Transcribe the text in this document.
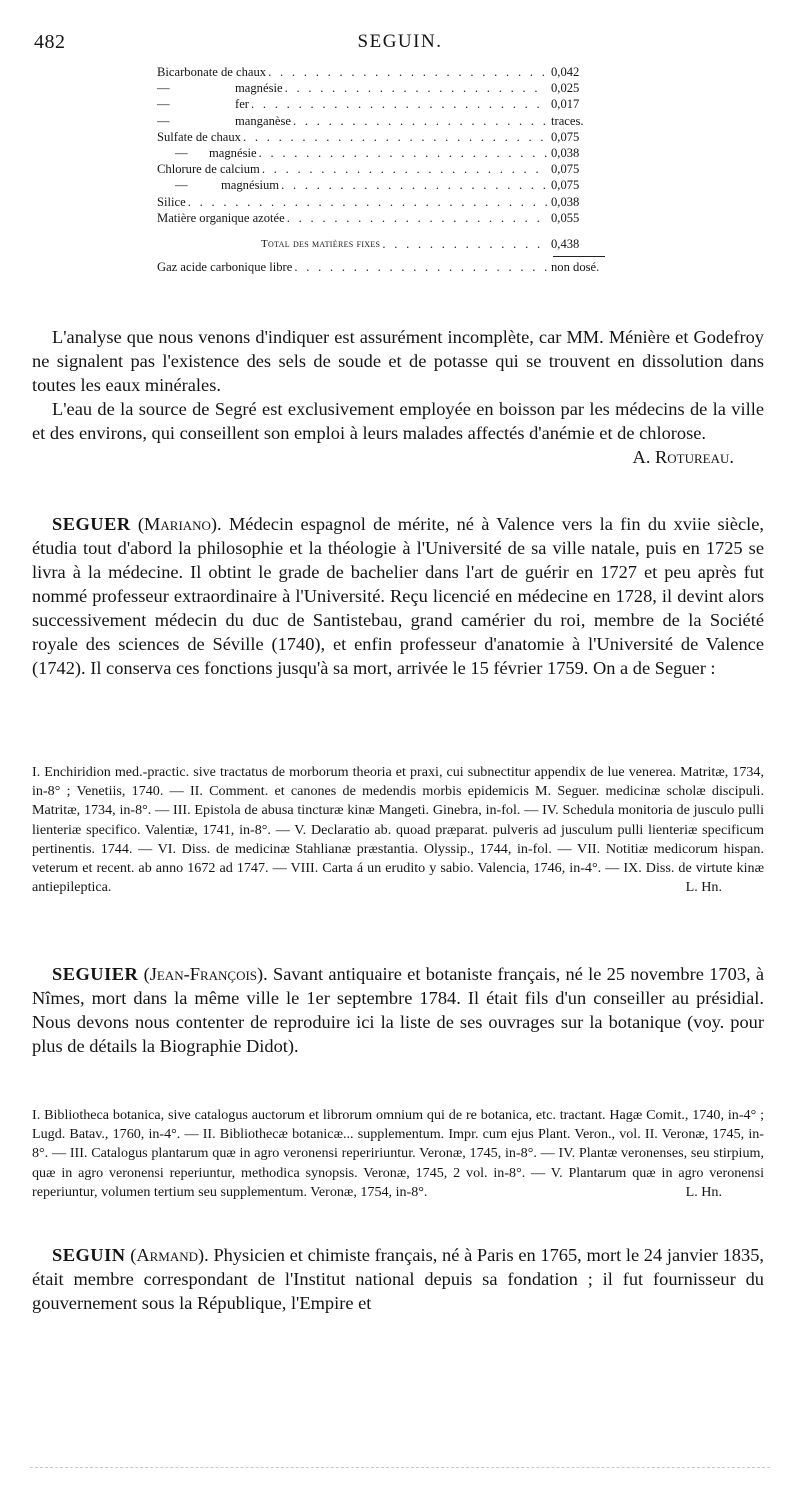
482	SEGUIN.
Bicarbonate de chaux . . .	0,042
—	magnésie . . .	0,025
—	fer . . .	0,017
—	manganèse . . .	traces.
Sulfate de chaux . . .	0,075
— magnésie . . .	0,038
Chlorure de calcium . . .	0,075
—	magnésium . . .	0,075
Silice . . .	0,038
Matière organique azotée . . .	0,055
Total des matières fixes . . .	0,438
Gaz acide carbonique libre . . .	non dosé.

L'analyse que nous venons d'indiquer est assurément incomplète, car MM. Ménière et Godefroy ne signalent pas l'existence des sels de soude et de potasse qui se trouvent en dissolution dans toutes les eaux minérales.

L'eau de la source de Segré est exclusivement employée en boisson par les médecins de la ville et des environs, qui conseillent son emploi à leurs malades affectés d'anémie et de chlorose.
A. Rotureau.

SEGUER (Mariano). Médecin espagnol de mérite, né à Valence vers la fin du xviie siècle, étudia tout d'abord la philosophie et la théologie à l'Université de sa ville natale, puis en 1725 se livra à la médecine. Il obtint le grade de bachelier dans l'art de guérir en 1727 et peu après fut nommé professeur extraordinaire à l'Université. Reçu licencié en médecine en 1728, il devint alors successivement médecin du duc de Santistebau, grand camérier du roi, membre de la Société royale des sciences de Séville (1740), et enfin professeur d'anatomie à l'Université de Valence (1742). Il conserva ces fonctions jusqu'à sa mort, arrivée le 15 février 1759. On a de Seguer :

I. Enchiridion med.-practic. sive tractatus de morborum theoria et praxi, cui subnectitur appendix de lue venerea. Matritæ, 1734, in-8° ; Venetiis, 1740. — II. Comment. et canones de medendis morbis epidemicis M. Seguer. medicinæ scholæ discipuli. Matritæ, 1734, in-8°. — III. Epistola de abusa tincturæ kinæ Mangeti. Ginebra, in-fol. — IV. Schedula monitoria de jusculo pulli lienteriæ specifico. Valentiæ, 1741, in-8°. — V. Declaratio ab. quoad præparat. pulveris ad jusculum pulli lienteriæ specificum pertinentis. 1744. — VI. Diss. de medicinæ Stahlianæ præstantia. Olyssip., 1744, in-fol. — VII. Notitiæ medicorum hispan. veterum et recent. ab anno 1672 ad 1747. — VIII. Carta á un erudito y sabio. Valencia, 1746, in-4°. — IX. Diss. de virtute kinæ antiepileptica.	L. Hn.

SEGUIER (Jean-François). Savant antiquaire et botaniste français, né le 25 novembre 1703, à Nîmes, mort dans la même ville le 1er septembre 1784. Il était fils d'un conseiller au présidial. Nous devons nous contenter de reproduire ici la liste de ses ouvrages sur la botanique (voy. pour plus de détails la Biographie Didot).

I. Bibliotheca botanica, sive catalogus auctorum et librorum omnium qui de re botanica, etc. tractant. Hagæ Comit., 1740, in-4° ; Lugd. Batav., 1760, in-4°. — II. Bibliothecæ botanicæ... supplementum. Impr. cum ejus Plant. Veron., vol. II. Veronæ, 1745, in-8°. — III. Catalogus plantarum quæ in agro veronensi repeririuntur. Veronæ, 1745, in-8°. — IV. Plantæ veronenses, seu stirpium, quæ in agro veronensi reperiuntur, methodica synopsis. Veronæ, 1745, 2 vol. in-8°. — V. Plantarum quæ in agro veronensi reperiuntur, volumen tertium seu supplementum. Veronæ, 1754, in-8°.	L. Hn.

SEGUIN (Armand). Physicien et chimiste français, né à Paris en 1765, mort le 24 janvier 1835, était membre correspondant de l'Institut national depuis sa fondation ; il fut fournisseur du gouvernement sous la République, l'Empire et
